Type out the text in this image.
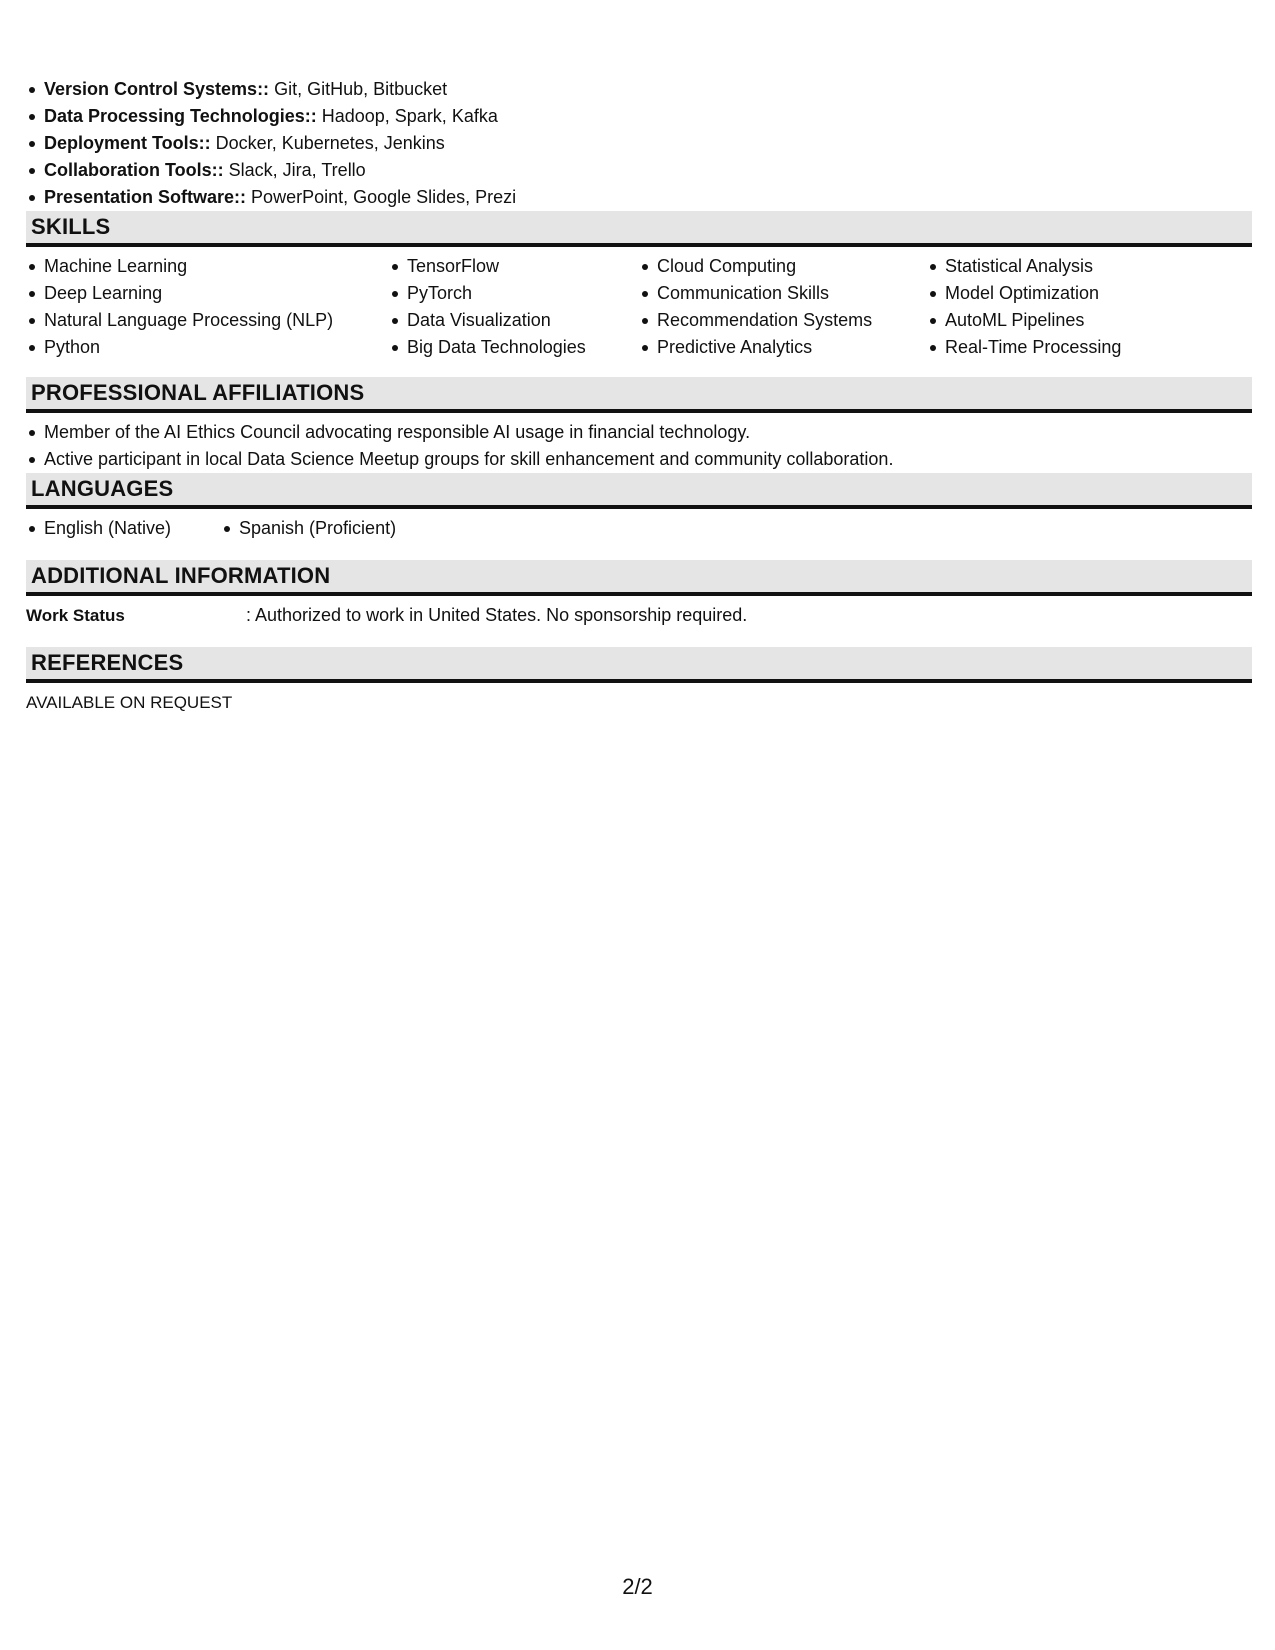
Version Control Systems:: Git, GitHub, Bitbucket
Data Processing Technologies:: Hadoop, Spark, Kafka
Deployment Tools:: Docker, Kubernetes, Jenkins
Collaboration Tools:: Slack, Jira, Trello
Presentation Software:: PowerPoint, Google Slides, Prezi
SKILLS
Machine Learning
Deep Learning
Natural Language Processing (NLP)
Python
TensorFlow
PyTorch
Data Visualization
Big Data Technologies
Cloud Computing
Communication Skills
Recommendation Systems
Predictive Analytics
Statistical Analysis
Model Optimization
AutoML Pipelines
Real-Time Processing
PROFESSIONAL AFFILIATIONS
Member of the AI Ethics Council advocating responsible AI usage in financial technology.
Active participant in local Data Science Meetup groups for skill enhancement and community collaboration.
LANGUAGES
English (Native)	Spanish (Proficient)
ADDITIONAL INFORMATION
Work Status	: Authorized to work in United States. No sponsorship required.
REFERENCES
AVAILABLE ON REQUEST
2/2
